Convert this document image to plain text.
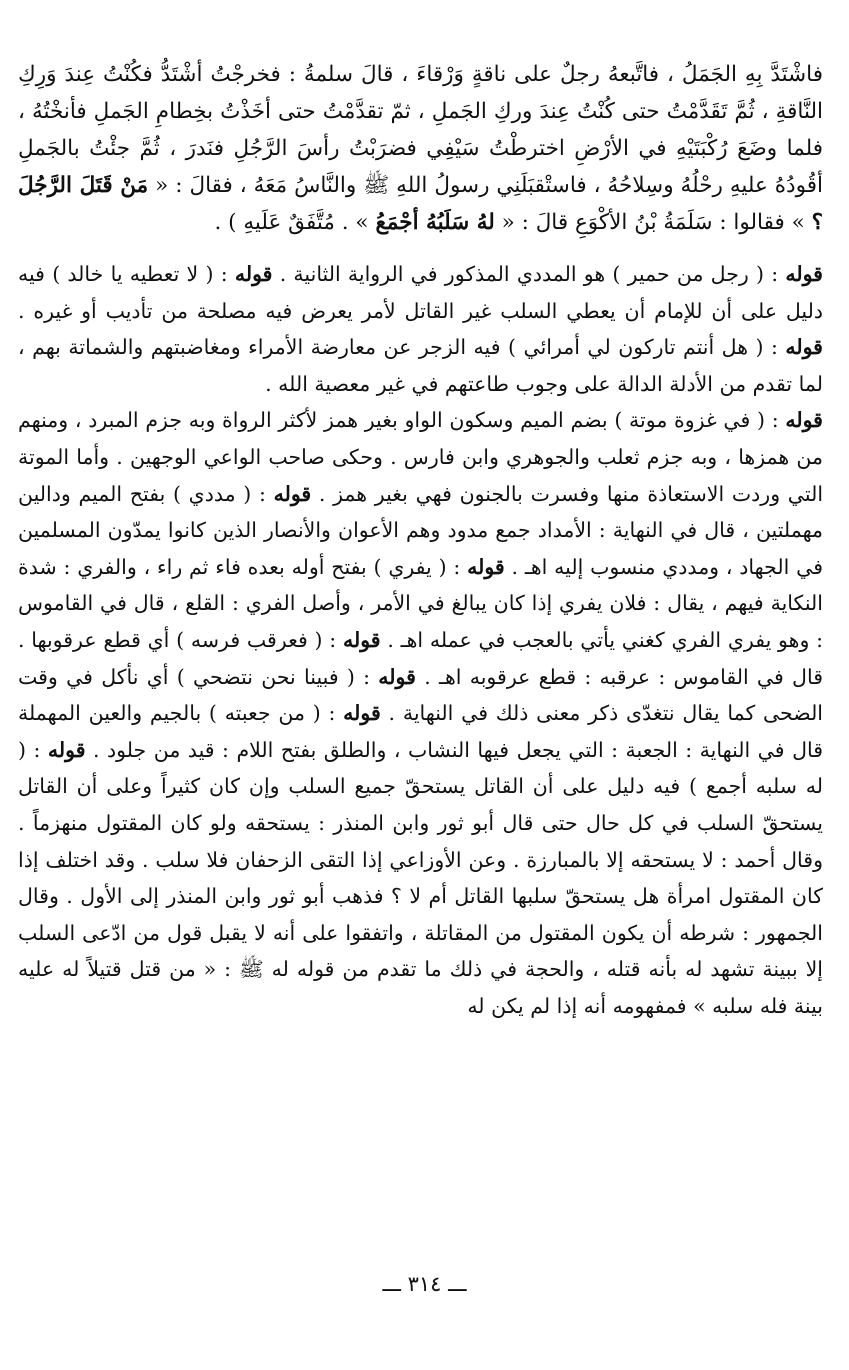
فاشْتَدَّ بِهِ الجَمَلُ ، فاتَّبعهُ رجلٌ على ناقةٍ وَرْقاءَ ، قالَ سلمةُ : فخرجْتُ أشْتَدُّ فكُنْتُ عِندَ وَرِكِ النَّاقةِ ، ثُمَّ تَقَدَّمْتُ حتى كُنْتُ عِندَ وركِ الجَملِ ، ثمّ تقدَّمْتُ حتى أخَذْتُ بخِطامِ الجَملِ فأنخْتُهُ ، فلما وضَعَ رُكْبَتَيْهِ في الأرْضِ اخترطْتُ سَيْفِي فضرَبْتُ رأسَ الرَّجُلِ فنَدرَ ، ثُمَّ جئْتُ بالجَملِ أقُودُهُ عليهِ رحْلُهُ وسِلاحُهُ ، فاستْقبَلَنِي رسولُ اللهِ ﷺ والنَّاسُ مَعَهُ ، فقالَ : « مَنْ قَتَلَ الرَّجُلَ ؟ » فقالوا : سَلَمَةُ بْنُ الأكْوَعِ قالَ : « لهُ سَلَبُهُ أجْمَعُ » . مُتَّفَقٌ عَلَيهِ ) .

قوله : ( رجل من حمير ) هو المددي المذكور في الرواية الثانية . قوله : ( لا تعطيه يا خالد ) فيه دليل على أن للإمام أن يعطي السلب غير القاتل لأمر يعرض فيه مصلحة من تأديب أو غيره . قوله : ( هل أنتم تاركون لي أمرائي ) فيه الزجر عن معارضة الأمراء ومغاضبتهم والشماتة بهم ، لما تقدم من الأدلة الدالة على وجوب طاعتهم في غير معصية الله .

قوله : ( في غزوة موتة ) بضم الميم وسكون الواو بغير همز لأكثر الرواة وبه جزم المبرد ، ومنهم من همزها ، وبه جزم ثعلب والجوهري وابن فارس . وحكى صاحب الواعي الوجهين . وأما الموتة التي وردت الاستعاذة منها وفسرت بالجنون فهي بغير همز . قوله : ( مددي ) بفتح الميم ودالين مهملتين ، قال في النهاية : الأمداد جمع مدود وهم الأعوان والأنصار الذين كانوا يمدّون المسلمين في الجهاد ، ومددي منسوب إليه اهـ . قوله : ( يفري ) بفتح أوله بعده فاء ثم راء ، والفري : شدة النكاية فيهم ، يقال : فلان يفري إذا كان يبالغ في الأمر ، وأصل الفري : القلع ، قال في القاموس : وهو يفري الفري كغني يأتي بالعجب في عمله اهـ . قوله : ( فعرقب فرسه ) أي قطع عرقوبها . قال في القاموس : عرقبه : قطع عرقوبه اهـ . قوله : ( فبينا نحن نتضحي ) أي نأكل في وقت الضحى كما يقال نتغدّى ذكر معنى ذلك في النهاية . قوله : ( من جعبته ) بالجيم والعين المهملة قال في النهاية : الجعبة : التي يجعل فيها النشاب ، والطلق بفتح اللام : قيد من جلود . قوله : ( له سلبه أجمع ) فيه دليل على أن القاتل يستحقّ جميع السلب وإن كان كثيراً وعلى أن القاتل يستحقّ السلب في كل حال حتى قال أبو ثور وابن المنذر : يستحقه ولو كان المقتول منهزماً . وقال أحمد : لا يستحقه إلا بالمبارزة . وعن الأوزاعي إذا التقى الزحفان فلا سلب . وقد اختلف إذا كان المقتول امرأة هل يستحقّ سلبها القاتل أم لا ؟ فذهب أبو ثور وابن المنذر إلى الأول . وقال الجمهور : شرطه أن يكون المقتول من المقاتلة ، واتفقوا على أنه لا يقبل قول من ادّعى السلب إلا ببينة تشهد له بأنه قتله ، والحجة في ذلك ما تقدم من قوله له ﷺ : « من قتل قتيلاً له عليه بينة فله سلبه » فمفهومه أنه إذا لم يكن له

ـــ ٣١٤ ـــ
